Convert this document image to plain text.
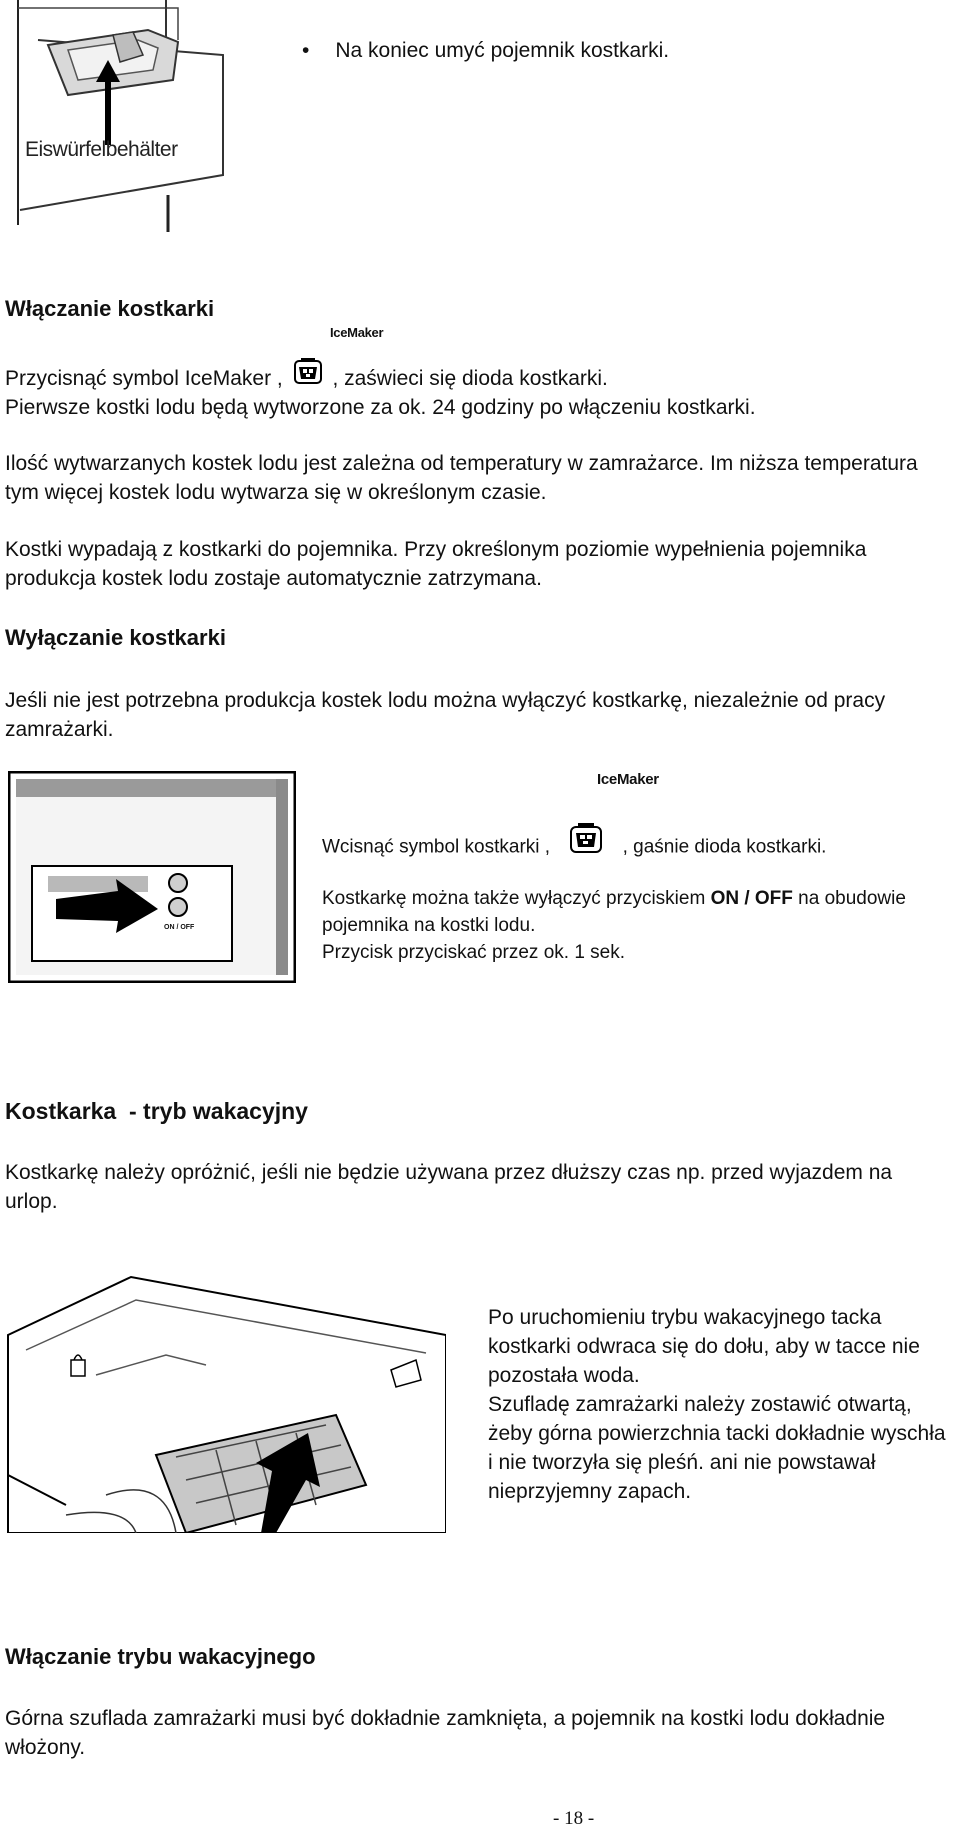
Eiswürfelbehälter
• Na koniec umyć pojemnik kostkarki.
Włączanie kostkarki
IceMaker
Przycisnąć symbol IceMaker , , zaświeci się dioda kostkarki.
Pierwsze kostki lodu będą wytworzone za ok. 24 godziny po włączeniu kostkarki.

Ilość wytwarzanych kostek lodu jest zależna od temperatury w zamrażarce. Im niższa temperatura tym więcej kostek lodu wytwarza się w określonym czasie.

Kostki wypadają z kostkarki do pojemnika. Przy określonym poziomie wypełnienia pojemnika produkcja kostek lodu zostaje automatycznie zatrzymana.

Wyłączanie kostkarki

Jeśli nie jest potrzebna produkcja kostek lodu można wyłączyć kostkarkę, niezależnie od pracy zamrażarki.

ON / OFF
IceMaker
Wcisnąć symbol kostkarki ,	, gaśnie dioda kostkarki.
Kostkarkę można także wyłączyć przyciskiem ON / OFF na obudowie pojemnika na kostki lodu.
Przycisk przyciskać przez ok. 1 sek.
Kostkarka  - tryb wakacyjny

Kostkarkę należy opróżnić, jeśli nie będzie używana przez dłuższy czas np. przed wyjazdem na urlop.

Po uruchomieniu trybu wakacyjnego tacka kostkarki odwraca się do dołu, aby w tacce nie pozostała woda.
Szufladę zamrażarki należy zostawić otwartą, żeby górna powierzchnia tacki dokładnie wyschła i nie tworzyła się pleśń. ani nie powstawał nieprzyjemny zapach.

Włączanie trybu wakacyjnego

Górna szuflada zamrażarki musi być dokładnie zamknięta, a pojemnik na kostki lodu dokładnie włożony.

- 18 -
